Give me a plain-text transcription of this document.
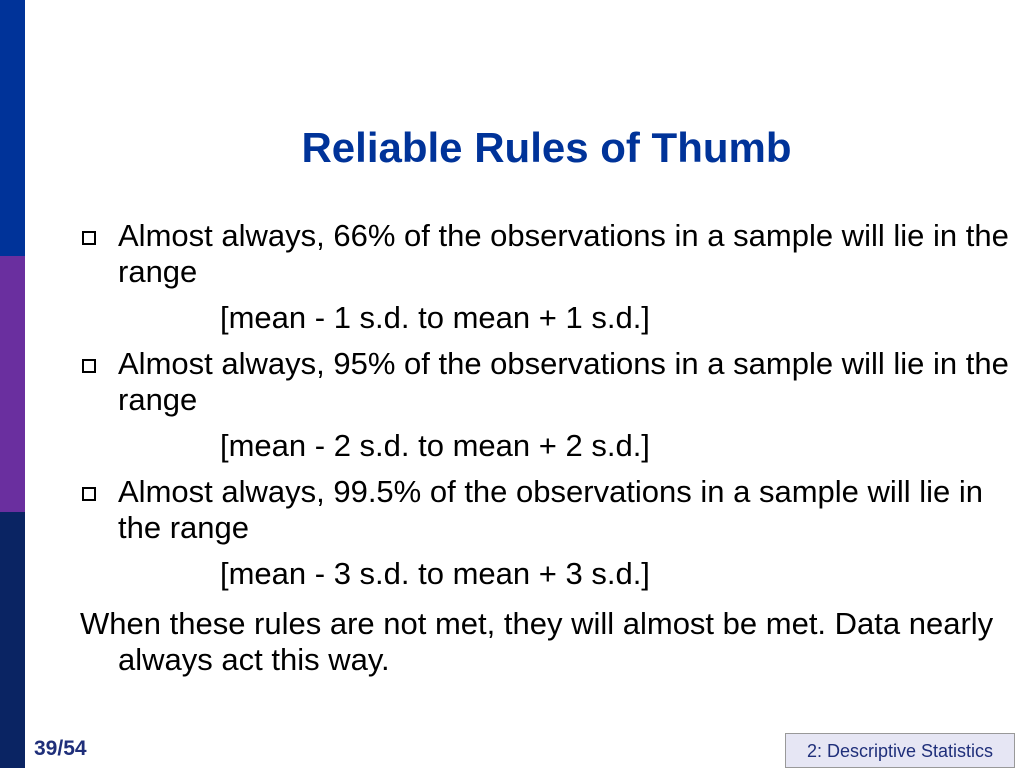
Reliable Rules of Thumb
Almost always, 66% of the observations in a sample will lie in the range
[mean - 1 s.d. to mean + 1 s.d.]
Almost always, 95% of the observations in a sample will lie in the range
[mean - 2 s.d. to mean + 2 s.d.]
Almost always, 99.5% of the observations in a sample will lie in the range
[mean - 3 s.d. to mean + 3 s.d.]

When these rules are not met, they will almost be met. Data nearly always act this way.

39/54	2: Descriptive Statistics
